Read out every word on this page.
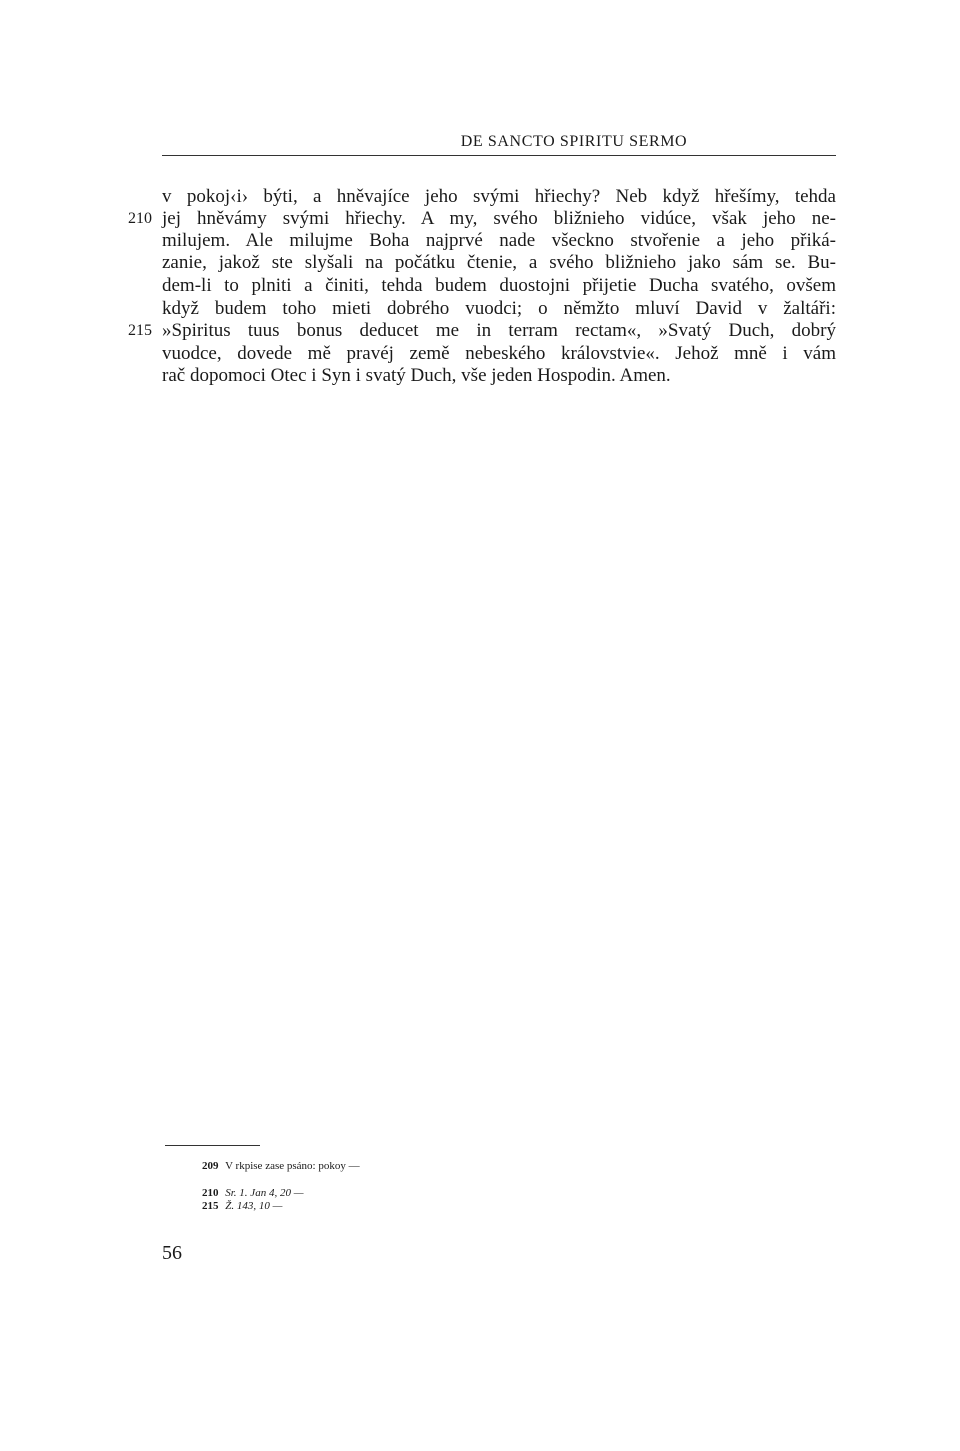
DE SANCTO SPIRITU SERMO
v pokoj‹i› býti, a hněvajíce jeho svými hřiechy? Neb když hřešímy, tehda
210 jej hněvámy svými hřiechy. A my, svého bližnieho vidúce, však jeho ne-
milujem. Ale milujme Boha najprvé nade všeckno stvořenie a jeho přiká-
zanie, jakož ste slyšali na počátku čtenie, a svého bližnieho jako sám se. Bu-
dem-li to plniti a činiti, tehda budem duostojni přijetie Ducha svatého, ovšem
když budem toho mieti dobrého vuodci; o němžto mluví David v žaltáři:
215 »Spiritus tuus bonus deducet me in terram rectam«, »Svatý Duch, dobrý
vuodce, dovede mě pravéj země nebeského královstvie«. Jehož mně i vám
rač dopomoci Otec i Syn i svatý Duch, vše jeden Hospodin. Amen.
209 V rkpise zase psáno: pokoy —
210 Sr. 1. Jan 4, 20 —
215 Ž. 143, 10 —
56
